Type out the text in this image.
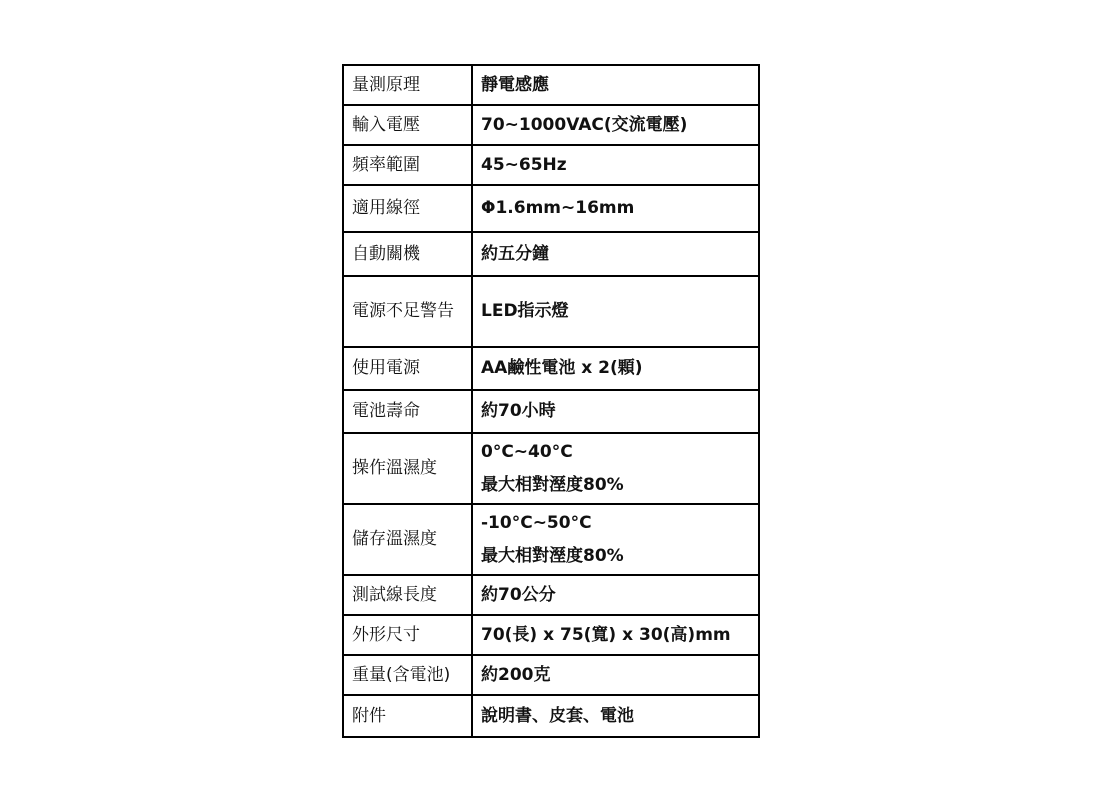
量測原理	靜電感應

輸入電壓	70~1000VAC(交流電壓)

頻率範圍	45~65Hz

適用線徑	Φ1.6mm~16mm

自動關機	約五分鐘

電源不足警告	LED指示燈

使用電源	AA鹼性電池 x 2(顆)

電池壽命	約70小時

操作溫濕度	0°C~40°C
最大相對溼度80%

儲存溫濕度	-10°C~50°C
最大相對溼度80%

測試線長度	約70公分

外形尺寸	70(長) x 75(寬) x 30(高)mm

重量(含電池)	約200克

附件	說明書、皮套、電池
